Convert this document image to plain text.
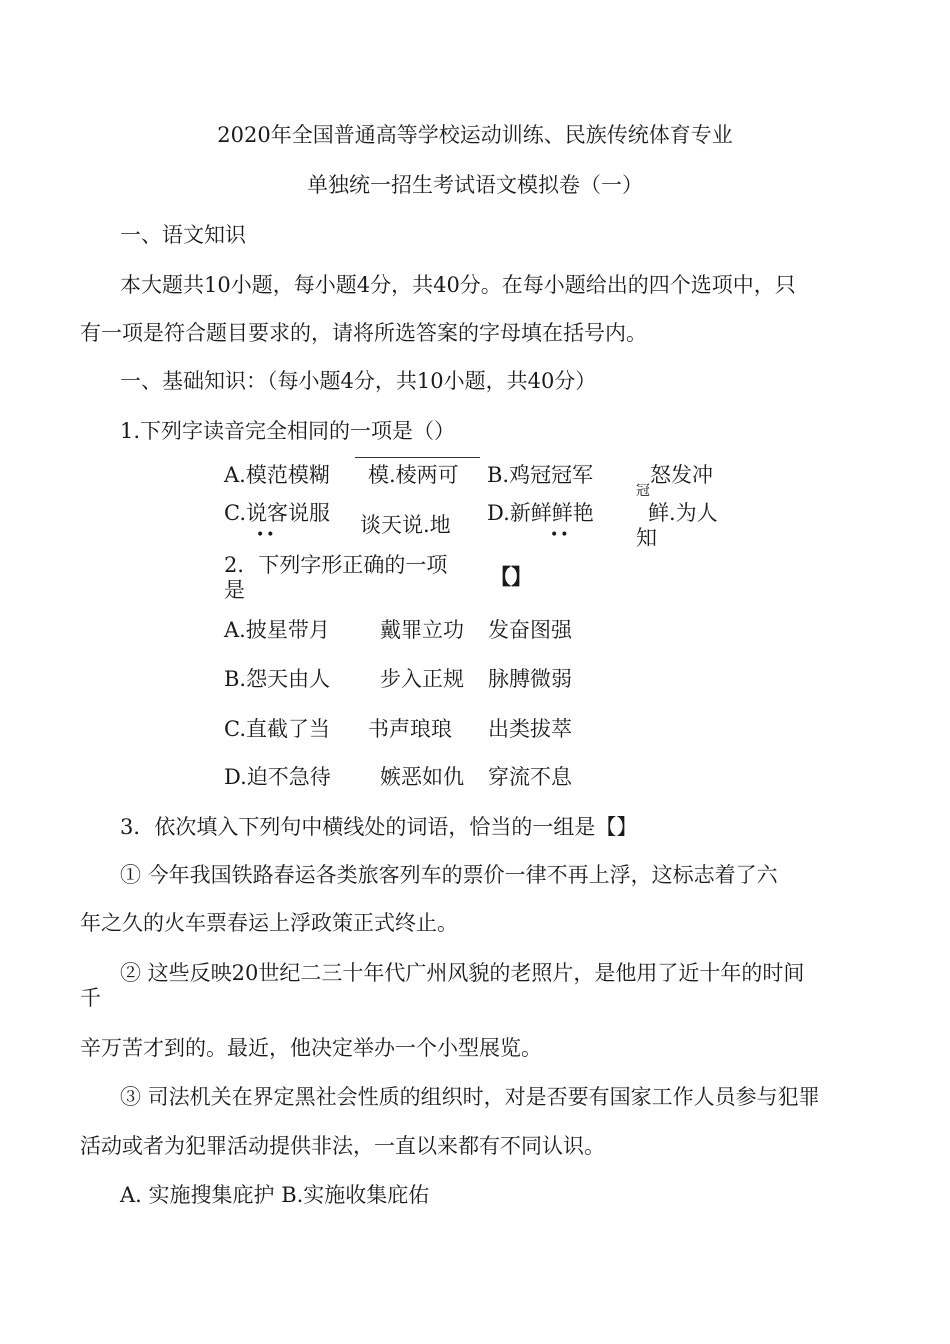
2020年全国普通高等学校运动训练、民族传统体育专业
单独统一招生考试语文模拟卷（一）
一、语文知识
本大题共10小题，每小题4分，共40分。在每小题给出的四个选项中，只
有一项是符合题目要求的，请将所选答案的字母填在括号内。
一、基础知识：（每小题4分，共10小题，共40分）
1.下列字读音完全相同的一项是（）
A.模范模糊 模.棱两可 B.鸡冠冠军	怒发冲
冠
C.说客说服
••	谈天说.地 D.新鲜鲜艳
••
鲜.为人
知
2．下列字形正确的一项
是
【】
A.披星带月 戴罪立功 发奋图强
B.怨天由人 步入正规 脉膊微弱
C.直截了当 书声琅琅 出类拔萃
D.迫不急待 嫉恶如仇 穿流不息
3．依次填入下列句中横线处的词语，恰当的一组是【】
① 今年我国铁路春运各类旅客列车的票价一律不再上浮，这标志着了六
年之久的火车票春运上浮政策正式终止。
② 这些反映20世纪二三十年代广州风貌的老照片，是他用了近十年的时间
千
辛万苦才到的。最近，他决定举办一个小型展览。
③ 司法机关在界定黑社会性质的组织时，对是否要有国家工作人员参与犯罪
活动或者为犯罪活动提供非法，一直以来都有不同认识。
A. 实施搜集庇护 B.实施收集庇佑
